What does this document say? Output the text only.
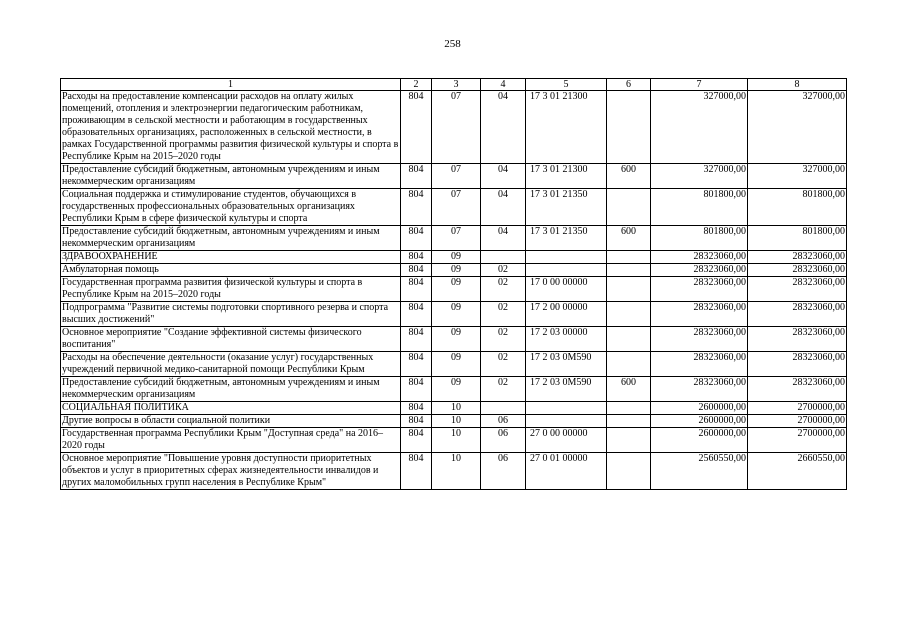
258
1	2	3	4	5	6	7	8
Расходы на предоставление компенсации расходов на оплату жилых помещений, отопления и электроэнергии педагогическим работникам, проживающим в сельской местности и работающим в государственных образовательных организациях, расположенных в сельской местности, в рамках Государственной программы развития физической культуры и спорта в Республике Крым на 2015–2020 годы	804	07	04	17 3 01 21300		327000,00	327000,00
Предоставление субсидий бюджетным, автономным учреждениям и иным некоммерческим организациям	804	07	04	17 3 01 21300	600	327000,00	327000,00
Социальная поддержка и стимулирование студентов, обучающихся в государственных профессиональных образовательных организациях Республики Крым в сфере физической культуры и спорта	804	07	04	17 3 01 21350		801800,00	801800,00
Предоставление субсидий бюджетным, автономным учреждениям и иным некоммерческим организациям	804	07	04	17 3 01 21350	600	801800,00	801800,00
ЗДРАВООХРАНЕНИЕ	804	09				28323060,00	28323060,00
Амбулаторная помощь	804	09	02			28323060,00	28323060,00
Государственная программа развития физической культуры и спорта в Республике Крым на 2015–2020 годы	804	09	02	17 0 00 00000		28323060,00	28323060,00
Подпрограмма "Развитие системы подготовки спортивного резерва и спорта высших достижений"	804	09	02	17 2 00 00000		28323060,00	28323060,00
Основное мероприятие "Создание эффективной системы физического воспитания"	804	09	02	17 2 03 00000		28323060,00	28323060,00
Расходы на обеспечение деятельности (оказание услуг) государственных учреждений первичной медико-санитарной помощи Республики Крым	804	09	02	17 2 03 0М590		28323060,00	28323060,00
Предоставление субсидий бюджетным, автономным учреждениям и иным некоммерческим организациям	804	09	02	17 2 03 0М590	600	28323060,00	28323060,00
СОЦИАЛЬНАЯ ПОЛИТИКА	804	10				2600000,00	2700000,00
Другие вопросы в области социальной политики	804	10	06			2600000,00	2700000,00
Государственная программа Республики Крым "Доступная среда" на 2016–2020 годы	804	10	06	27 0 00 00000		2600000,00	2700000,00
Основное мероприятие "Повышение уровня доступности приоритетных объектов и услуг в приоритетных сферах жизнедеятельности инвалидов и других маломобильных групп населения в Республике Крым"	804	10	06	27 0 01 00000		2560550,00	2660550,00
